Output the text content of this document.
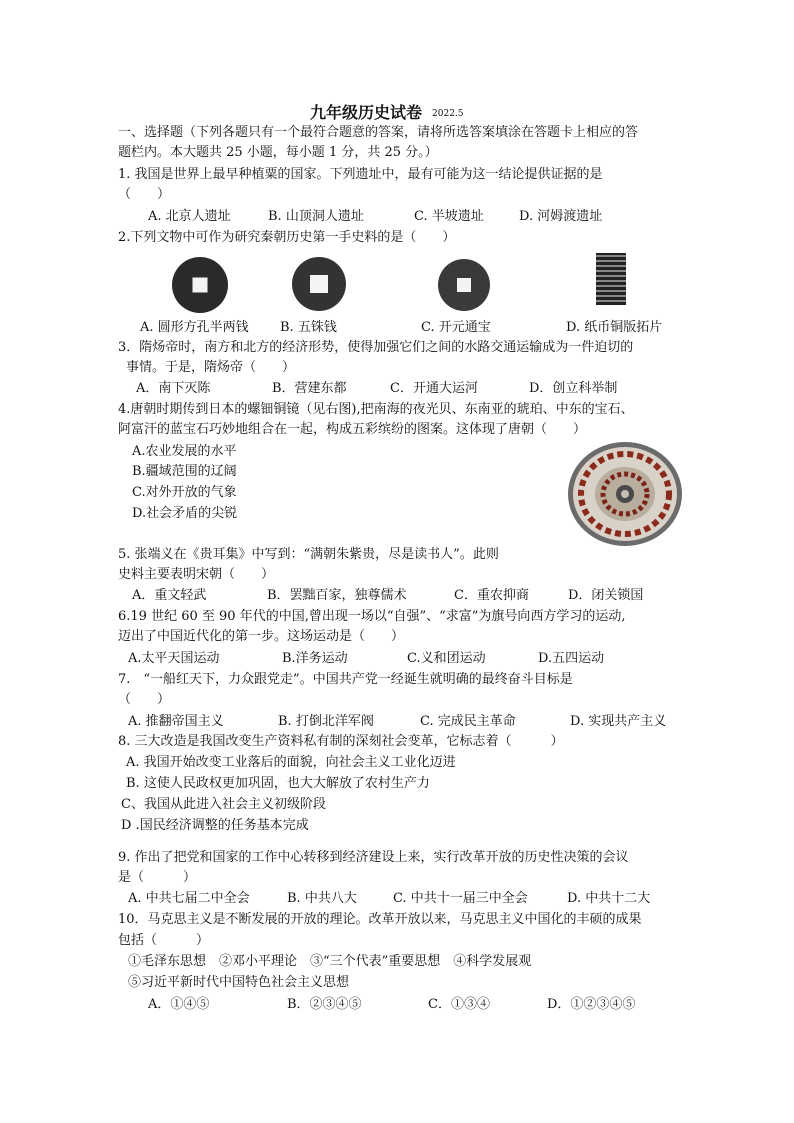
九年级历史试卷 2022.5
一、选择题（下列各题只有一个最符合题意的答案，请将所选答案填涂在答题卡上相应的答
题栏内。本大题共 25 小题，每小题 1 分，共 25 分。）
1. 我国是世界上最早种植粟的国家。下列遗址中，最有可能为这一结论提供证据的是
（　　）
A. 北京人遗址	B. 山顶洞人遗址	C. 半坡遗址	D. 河姆渡遗址
2.下列文物中可作为研究秦朝历史第一手史料的是（　　）
A. 圆形方孔半两钱 B. 五铢钱	C. 开元通宝	D. 纸币铜版拓片
3．隋炀帝时，南方和北方的经济形势，使得加强它们之间的水路交通运输成为一件迫切的
事情。于是，隋炀帝（　　）
A．南下灭陈	B．营建东都	C．开通大运河	D．创立科举制
4.唐朝时期传到日本的螺钿铜镜（见右图),把南海的夜光贝、东南亚的琥珀、中东的宝石、
阿富汗的蓝宝石巧妙地组合在一起，构成五彩缤纷的图案。这体现了唐朝（　　）
A.农业发展的水平
B.疆域范围的辽阔
C.对外开放的气象
D.社会矛盾的尖锐
5. 张端义在《贵耳集》中写到：“满朝朱紫贵，尽是读书人”。此则
史料主要表明宋朝（　　）
A．重文轻武	B．罢黜百家，独尊儒术	C．重农抑商	D．闭关锁国
6.19 世纪 60 至 90 年代的中国,曾出现一场以“自强”、“求富”为旗号向西方学习的运动,
迈出了中国近代化的第一步。这场运动是（　　）
A.太平天国运动	B.洋务运动	C.义和团运动	D.五四运动
7.　“一船红天下，力众跟党走”。中国共产党一经诞生就明确的最终奋斗目标是
（　　）
A. 推翻帝国主义	B. 打倒北洋军阀	C. 完成民主革命	D. 实现共产主义
8. 三大改造是我国改变生产资料私有制的深刻社会变革，它标志着（　　　）
A. 我国开始改变工业落后的面貌，向社会主义工业化迈进
B. 这使人民政权更加巩固，也大大解放了农村生产力
C、我国从此进入社会主义初级阶段
D .国民经济调整的任务基本完成
9. 作出了把党和国家的工作中心转移到经济建设上来，实行改革开放的历史性决策的会议
是（　　　）
A. 中共七届二中全会	B. 中共八大	C. 中共十一届三中全会	D. 中共十二大
10．马克思主义是不断发展的开放的理论。改革开放以来，马克思主义中国化的丰硕的成果
包括（　　　）
①毛泽东思想　②邓小平理论　③“三个代表”重要思想　④科学发展观
⑤习近平新时代中国特色社会主义思想
A．①④⑤	B．②③④⑤	C．①③④	D．①②③④⑤
